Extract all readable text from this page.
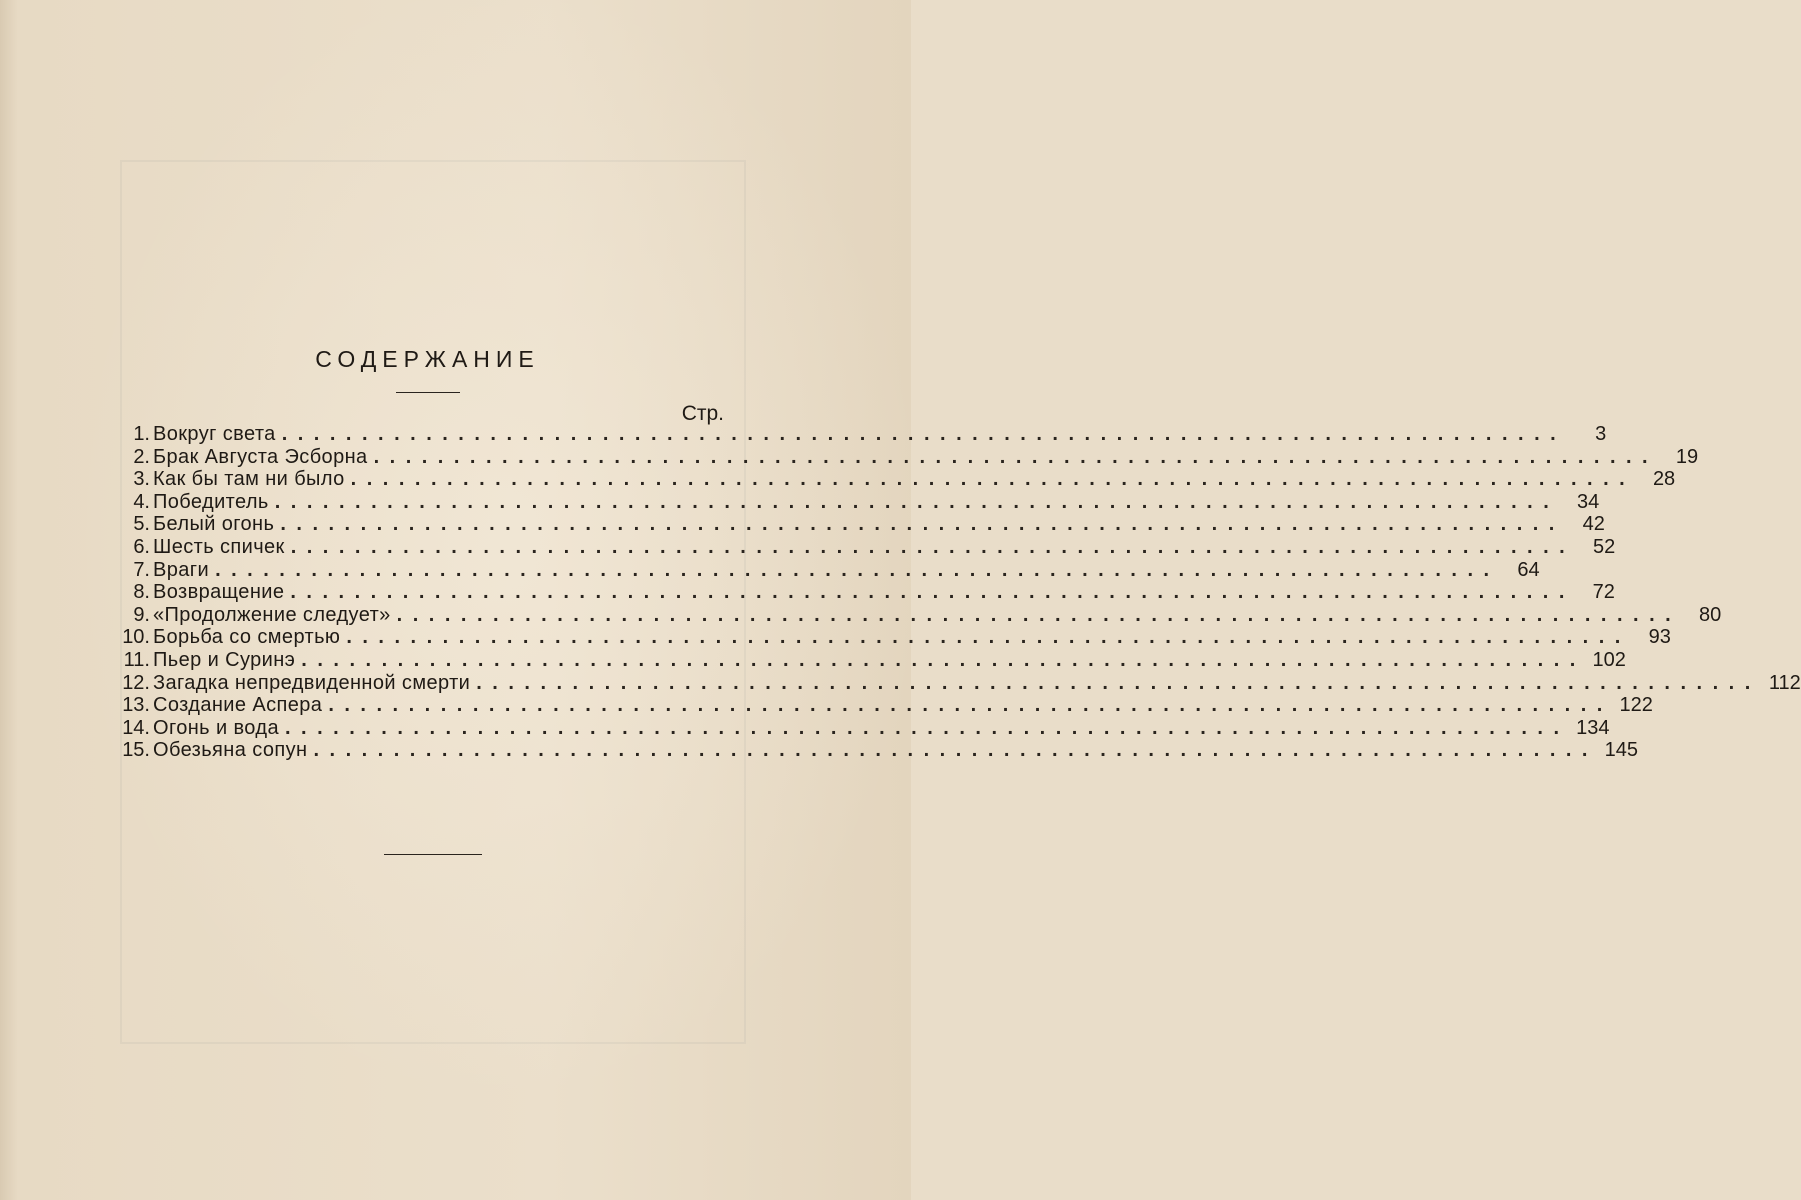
СОДЕРЖАНИЕ
Стр.
1. Вокруг света ................................................................................	3
2. Брак Августа Эсборна ................................................................................ 19
3. Как бы там ни было ................................................................................ 28
4. Победитель ................................................................................ 34
5. Белый огонь ................................................................................ 42
6. Шесть спичек ................................................................................ 52
7. Враги ................................................................................ 64
8. Возвращение ................................................................................ 72
9. «Продолжение следует» ................................................................................ 80
10. Борьба со смертью ................................................................................ 93
11. Пьер и Суринэ ................................................................................ 102
12. Загадка непредвиденной смерти ................................................................................ 112
13. Создание Аспера ................................................................................ 122
14. Огонь и вода ................................................................................ 134
15. Обезьяна сопун ................................................................................ 145
